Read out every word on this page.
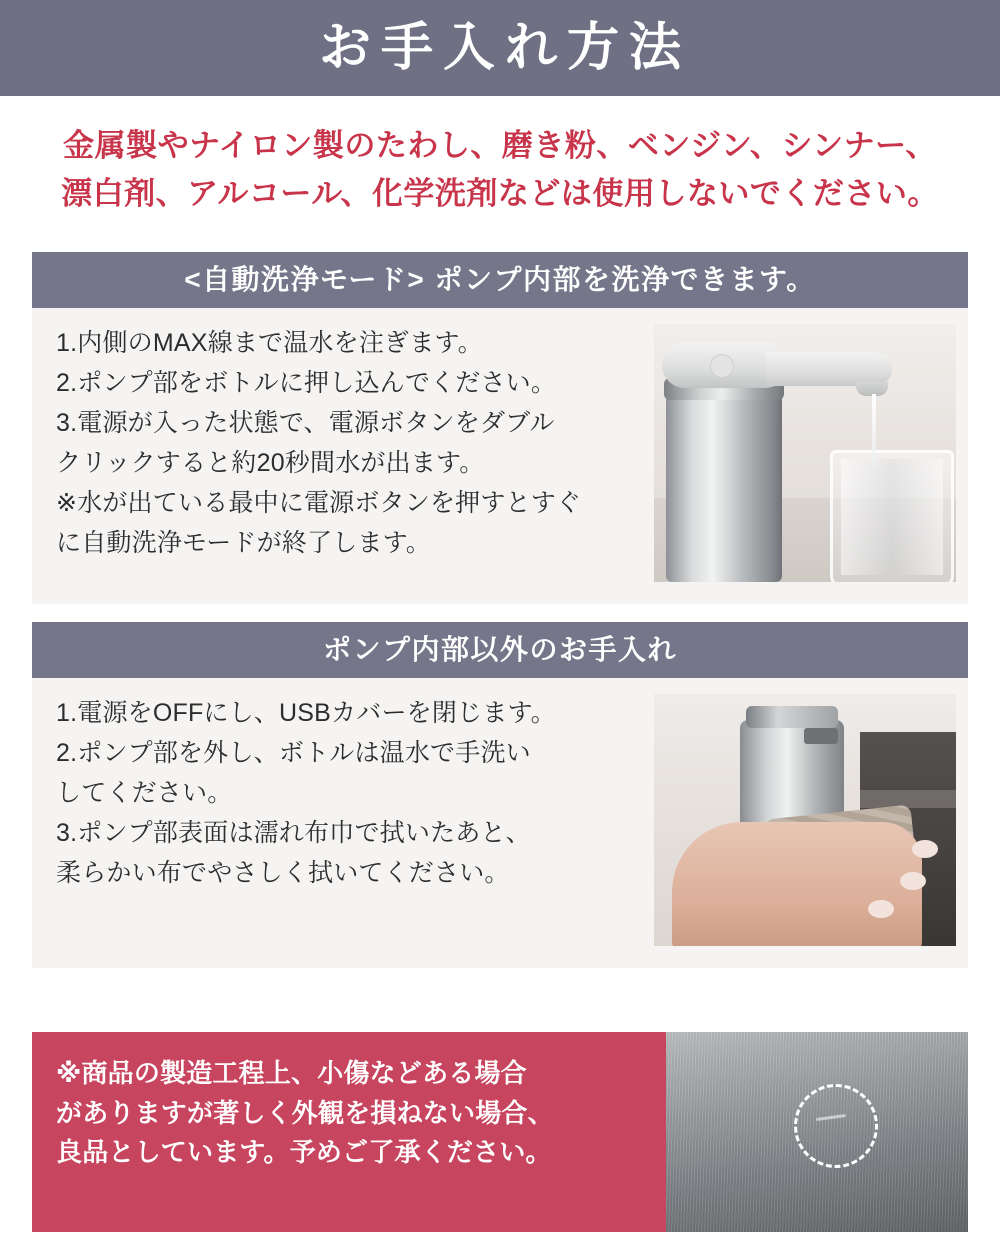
お手入れ方法
金属製やナイロン製のたわし、磨き粉、ベンジン、シンナー、
漂白剤、アルコール、化学洗剤などは使用しないでください。
<自動洗浄モード> ポンプ内部を洗浄できます。

1.内側のMAX線まで温水を注ぎます。

2.ポンプ部をボトルに押し込んでください。

3.電源が入った状態で、電源ボタンをダブル

クリックすると約20秒間水が出ます。

※水が出ている最中に電源ボタンを押すとすぐ

に自動洗浄モードが終了します。

ポンプ内部以外のお手入れ

1.電源をOFFにし、USBカバーを閉じます。

2.ポンプ部を外し、ボトルは温水で手洗い

してください。

3.ポンプ部表面は濡れ布巾で拭いたあと、

柔らかい布でやさしく拭いてください。

※商品の製造工程上、小傷などある場合
がありますが著しく外観を損ねない場合、
良品としています。予めご了承ください。
